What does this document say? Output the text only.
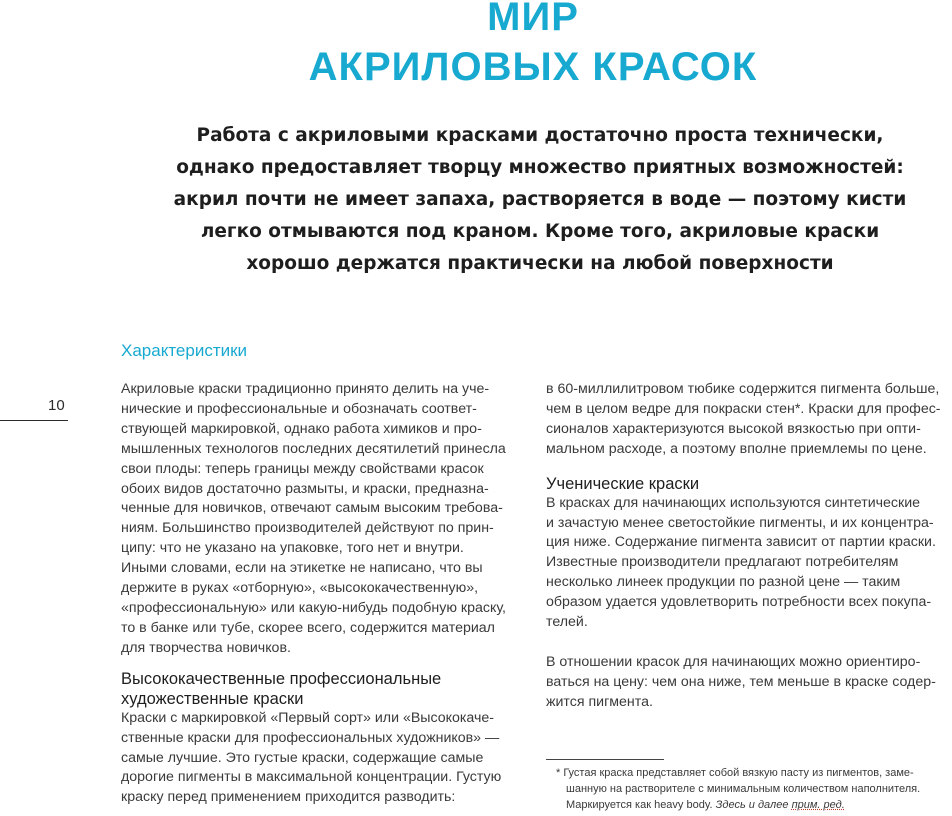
МИР
АКРИЛОВЫХ КРАСОК
Работа с акриловыми красками достаточно проста технически,
однако предоставляет творцу множество приятных возможностей:
акрил почти не имеет запаха, растворяется в воде — поэтому кисти
легко отмываются под краном. Кроме того, акриловые краски
хорошо держатся практически на любой поверхности
Характеристики
10
Акриловые краски традиционно принято делить на уче-
нические и профессиональные и обозначать соответ-
ствующей маркировкой, однако работа химиков и про-
мышленных технологов последних десятилетий принесла
свои плоды: теперь границы между свойствами красок
обоих видов достаточно размыты, и краски, предназна-
ченные для новичков, отвечают самым высоким требова-
ниям. Большинство производителей действуют по прин-
ципу: что не указано на упаковке, того нет и внутри.
Иными словами, если на этикетке не написано, что вы
держите в руках «отборную», «высококачественную»,
«профессиональную» или какую-нибудь подобную краску,
то в банке или тубе, скорее всего, содержится материал
для творчества новичков.
Высококачественные профессиональные
художественные краски
Краски с маркировкой «Первый сорт» или «Высококаче-
ственные краски для профессиональных художников» —
самые лучшие. Это густые краски, содержащие самые
дорогие пигменты в максимальной концентрации. Густую
краску перед применением приходится разводить:
в 60-миллилитровом тюбике содержится пигмента больше,
чем в целом ведре для покраски стен*. Краски для профес-
сионалов характеризуются высокой вязкостью при опти-
мальном расходе, а поэтому вполне приемлемы по цене.
Ученические краски
В красках для начинающих используются синтетические
и зачастую менее светостойкие пигменты, и их концентра-
ция ниже. Содержание пигмента зависит от партии краски.
Известные производители предлагают потребителям
несколько линеек продукции по разной цене — таким
образом удается удовлетворить потребности всех покупа-
телей.
В отношении красок для начинающих можно ориентиро-
ваться на цену: чем она ниже, тем меньше в краске содер-
жится пигмента.
* Густая краска представляет собой вязкую пасту из пигментов, заме-
шанную на растворителе с минимальным количеством наполнителя.
Маркируется как heavy body. Здесь и далее прим. ред.
